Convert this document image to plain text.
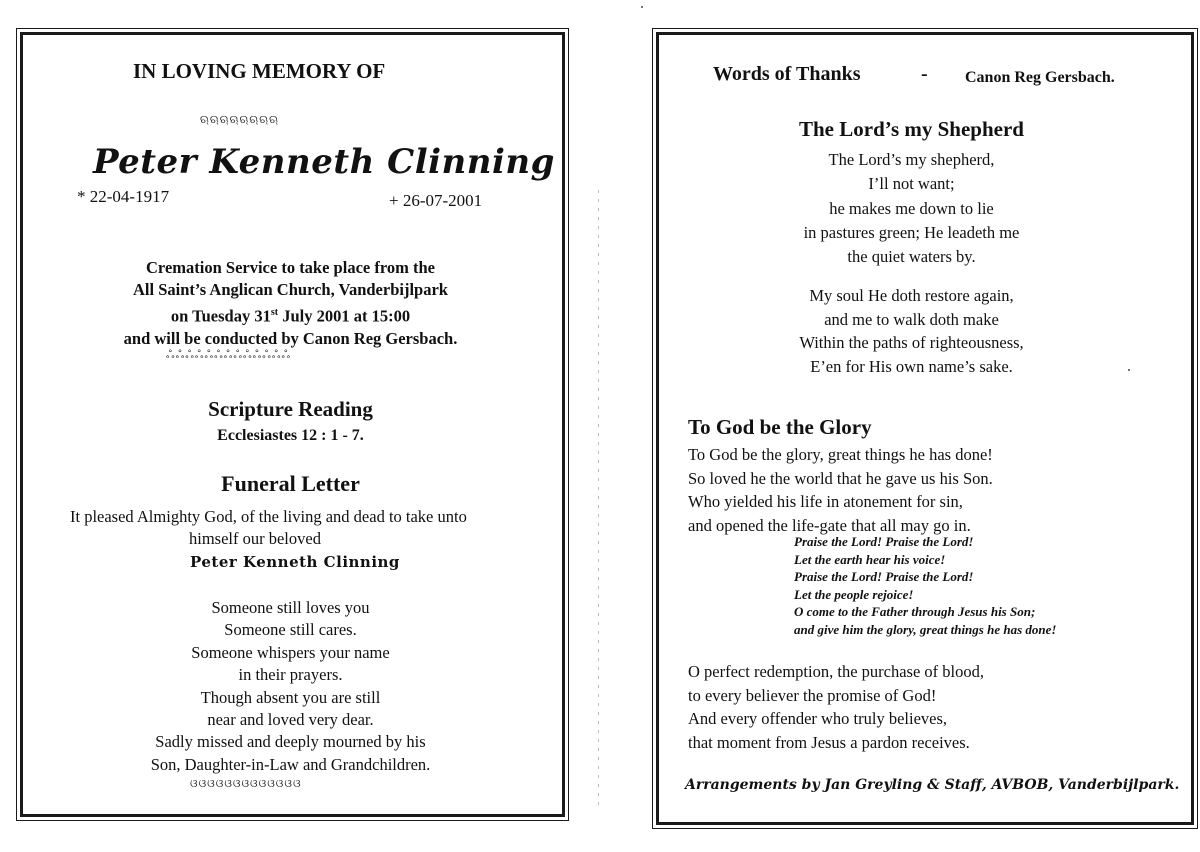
IN LOVING MEMORY OF
ଋଋଋଋଋଋଋଋ
Peter Kenneth Clinning
* 22-04-1917	+ 26-07-2001
Cremation Service to take place from the
All Saint’s Anglican Church, Vanderbijlpark
on Tuesday 31st July 2001 at 15:00
and will be conducted by Canon Reg Gersbach.
ஃஃஃஃஃஃஃஃஃஃஃஃஃ
Scripture Reading
Ecclesiastes 12 : 1 - 7.
Funeral Letter
It pleased Almighty God, of the living and dead to take unto
himself our beloved
Peter Kenneth Clinning
Someone still loves you
Someone still cares.
Someone whispers your name
in their prayers.
Though absent you are still
near and loved very dear.
Sadly missed and deeply mourned by his
Son, Daughter-in-Law and Grandchildren.
ଓଓଓଓଓଓଓଓଓଓଓଓଓ
Words of Thanks	- Canon Reg Gersbach.
The Lord’s my Shepherd
The Lord’s my shepherd,
I’ll not want;
he makes me down to lie
in pastures green; He leadeth me
the quiet waters by.
My soul He doth restore again,
and me to walk doth make
Within the paths of righteousness,
E’en for His own name’s sake.
To God be the Glory
To God be the glory, great things he has done!
So loved he the world that he gave us his Son.
Who yielded his life in atonement for sin,
and opened the life-gate that all may go in.
Praise the Lord! Praise the Lord!
Let the earth hear his voice!
Praise the Lord! Praise the Lord!
Let the people rejoice!
O come to the Father through Jesus his Son;
and give him the glory, great things he has done!
O perfect redemption, the purchase of blood,
to every believer the promise of God!
And every offender who truly believes,
that moment from Jesus a pardon receives.
Arrangements by Jan Greyling & Staff, AVBOB, Vanderbijlpark.
